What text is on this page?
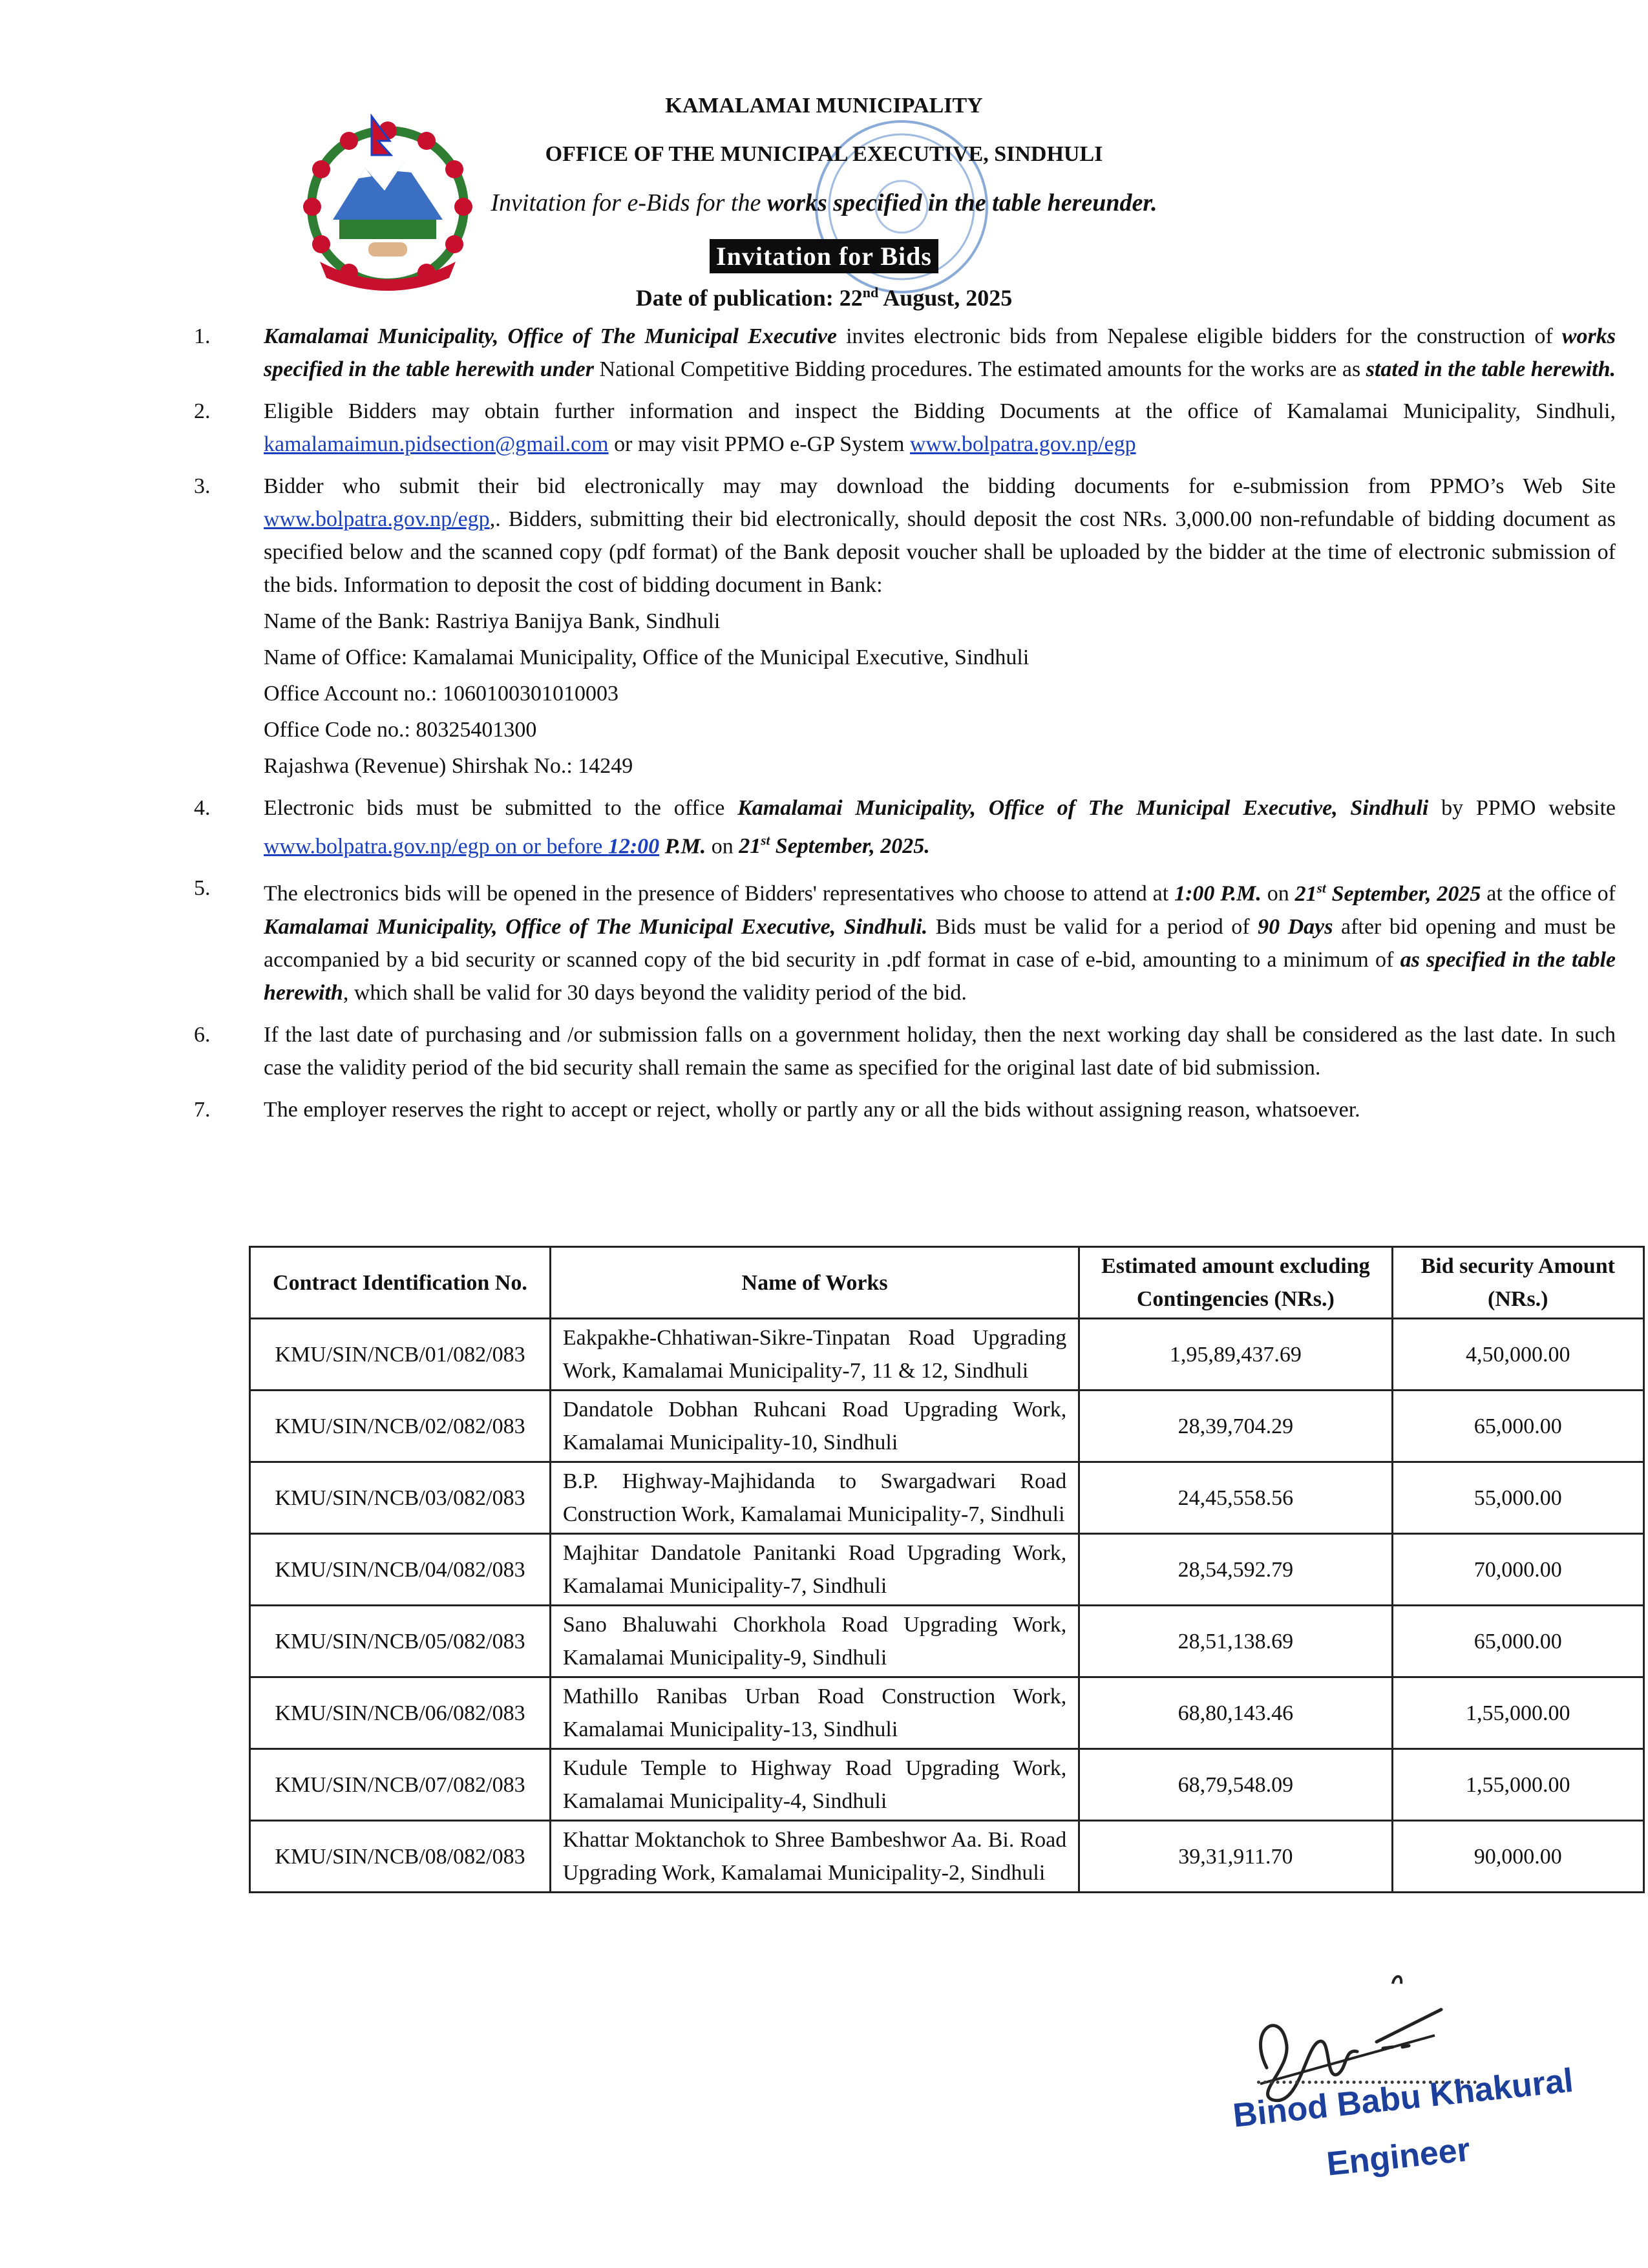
KAMALAMAI MUNICIPALITY
OFFICE OF THE MUNICIPAL EXECUTIVE, SINDHULI
Invitation for e-Bids for the works specified in the table hereunder.
Invitation for Bids
Date of publication: 22nd August, 2025
1. Kamalamai Municipality, Office of The Municipal Executive invites electronic bids from Nepalese eligible bidders for the construction of works specified in the table herewith under National Competitive Bidding procedures. The estimated amounts for the works are as stated in the table herewith.

2. Eligible Bidders may obtain further information and inspect the Bidding Documents at the office of Kamalamai Municipality, Sindhuli, kamalamaimun.pidsection@gmail.com or may visit PPMO e-GP System www.bolpatra.gov.np/egp

3. Bidder who submit their bid electronically may may download the bidding documents for e-submission from PPMO’s Web Site www.bolpatra.gov.np/egp,. Bidders, submitting their bid electronically, should deposit the cost NRs. 3,000.00 non-refundable of bidding document as specified below and the scanned copy (pdf format) of the Bank deposit voucher shall be uploaded by the bidder at the time of electronic submission of the bids. Information to deposit the cost of bidding document in Bank:

Name of the Bank: Rastriya Banijya Bank, Sindhuli
Name of Office: Kamalamai Municipality, Office of the Municipal Executive, Sindhuli
Office Account no.: 1060100301010003
Office Code no.: 80325401300
Rajashwa (Revenue) Shirshak No.: 14249
4. Electronic bids must be submitted to the office Kamalamai Municipality, Office of The Municipal Executive, Sindhuli by PPMO website www.bolpatra.gov.np/egp on or before 12:00 P.M. on 21st September, 2025.

5. The electronics bids will be opened in the presence of Bidders' representatives who choose to attend at 1:00 P.M. on 21st September, 2025 at the office of Kamalamai Municipality, Office of The Municipal Executive, Sindhuli. Bids must be valid for a period of 90 Days after bid opening and must be accompanied by a bid security or scanned copy of the bid security in .pdf format in case of e-bid, amounting to a minimum of as specified in the table herewith, which shall be valid for 30 days beyond the validity period of the bid.

6. If the last date of purchasing and /or submission falls on a government holiday, then the next working day shall be considered as the last date. In such case the validity period of the bid security shall remain the same as specified for the original last date of bid submission.

7. The employer reserves the right to accept or reject, wholly or partly any or all the bids without assigning reason, whatsoever.

Contract Identification No.	Name of Works	Estimated amount excluding Contingencies (NRs.)	Bid security Amount (NRs.)
KMU/SIN/NCB/01/082/083	Eakpakhe-Chhatiwan-Sikre-Tinpatan Road Upgrading Work, Kamalamai Municipality-7, 11 & 12, Sindhuli	1,95,89,437.69	4,50,000.00
KMU/SIN/NCB/02/082/083	Dandatole Dobhan Ruhcani Road Upgrading Work, Kamalamai Municipality-10, Sindhuli	28,39,704.29	65,000.00
KMU/SIN/NCB/03/082/083	B.P. Highway-Majhidanda to Swargadwari Road Construction Work, Kamalamai Municipality-7, Sindhuli	24,45,558.56	55,000.00
KMU/SIN/NCB/04/082/083	Majhitar Dandatole Panitanki Road Upgrading Work, Kamalamai Municipality-7, Sindhuli	28,54,592.79	70,000.00
KMU/SIN/NCB/05/082/083	Sano Bhaluwahi Chorkhola Road Upgrading Work, Kamalamai Municipality-9, Sindhuli	28,51,138.69	65,000.00
KMU/SIN/NCB/06/082/083	Mathillo Ranibas Urban Road Construction Work, Kamalamai Municipality-13, Sindhuli	68,80,143.46	1,55,000.00
KMU/SIN/NCB/07/082/083	Kudule Temple to Highway Road Upgrading Work, Kamalamai Municipality-4, Sindhuli	68,79,548.09	1,55,000.00
KMU/SIN/NCB/08/082/083	Khattar Moktanchok to Shree Bambeshwor Aa. Bi. Road Upgrading Work, Kamalamai Municipality-2, Sindhuli	39,31,911.70	90,000.00
Binod Babu Khakural
Engineer
